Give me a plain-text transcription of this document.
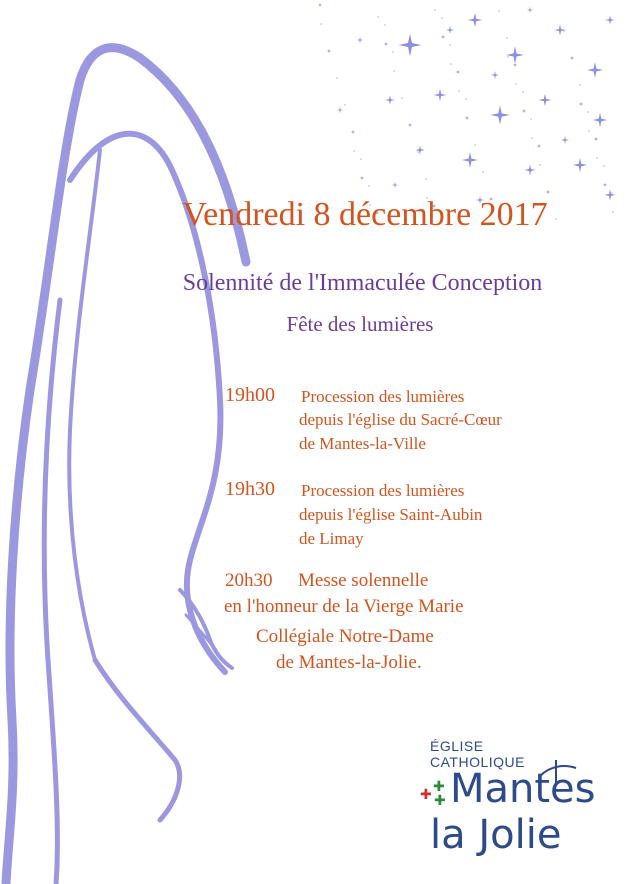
Vendredi 8 décembre 2017
Solennité de l'Immaculée Conception
Fête des lumières
19h00 Procession des lumières
depuis l'église du Sacré-Cœur
de Mantes-la-Ville
19h30 Procession des lumières
depuis l'église Saint-Aubin
de Limay
20h30 Messe solennelle
en l'honneur de la Vierge Marie
Collégiale Notre-Dame
de Mantes-la-Jolie.
ÉGLISE
CATHOLIQUE
✚ ✚
✚ Mantes
la Jolie
